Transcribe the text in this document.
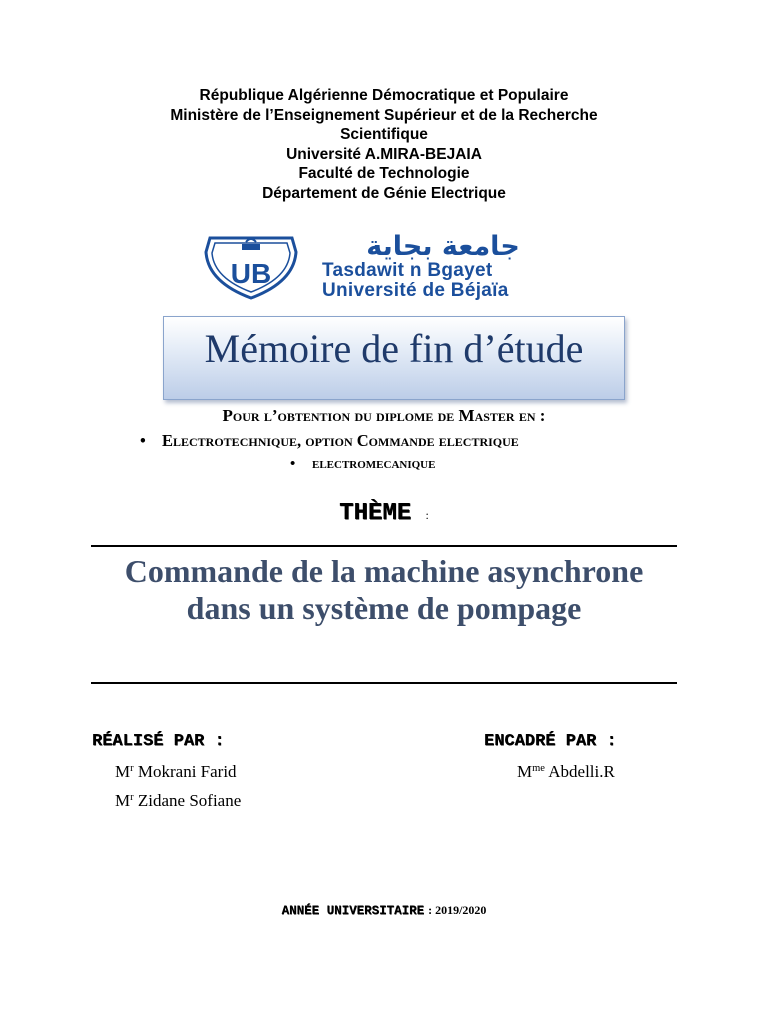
République Algérienne Démocratique et Populaire
Ministère de l’Enseignement Supérieur et de la Recherche
Scientifique
Université A.MIRA-BEJAIA
Faculté de Technologie
Département de Génie Electrique
UB
جامعة بجاية
Tasdawit n Bgayet
Université de Béjaïa
Mémoire de fin d’étude
Pour l’obtention du diplome de Master en :
• Electrotechnique, option Commande electrique
• electromecanique
THÈME :
Commande de la machine asynchrone dans un système de pompage
RÉALISÉ PAR :	ENCADRÉ PAR :
$M^r$ Mokrani Farid
$M^r$ Zidane Sofiane
$M^{me}$ Abdelli.R
ANNÉE UNIVERSITAIRE : 2019/2020
